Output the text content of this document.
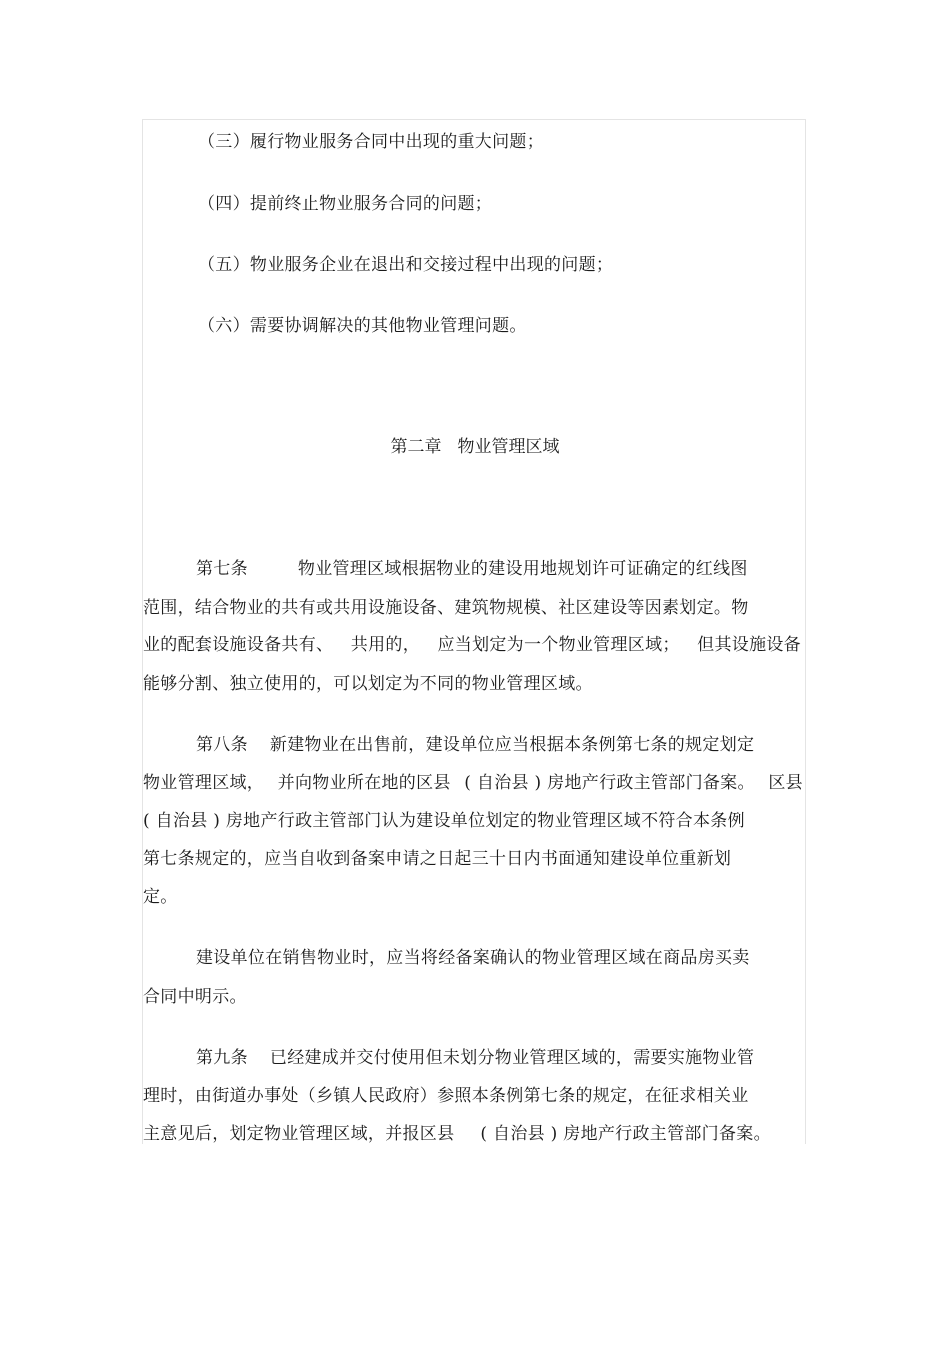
（三）履行物业服务合同中出现的重大问题；
（四）提前终止物业服务合同的问题；
（五）物业服务企业在退出和交接过程中出现的问题；
（六）需要协调解决的其他物业管理问题。
第二章 物业管理区域
第七条	物业管理区域根据物业的建设用地规划许可证确定的红线图
范围，结合物业的共有或共用设施设备、建筑物规模、社区建设等因素划定。物
业的配套设施设备共有、 共用的， 应当划定为一个物业管理区域； 但其设施设备
能够分割、独立使用的，可以划定为不同的物业管理区域。
第八条 新建物业在出售前，建设单位应当根据本条例第七条的规定划定
物业管理区域， 并向物业所在地的区县 ( 自治县 ) 房地产行政主管部门备案。 区县
( 自治县 ) 房地产行政主管部门认为建设单位划定的物业管理区域不符合本条例
第七条规定的，应当自收到备案申请之日起三十日内书面通知建设单位重新划
定。
建设单位在销售物业时，应当将经备案确认的物业管理区域在商品房买卖
合同中明示。
第九条 已经建成并交付使用但未划分物业管理区域的，需要实施物业管
理时，由街道办事处（乡镇人民政府）参照本条例第七条的规定，在征求相关业
主意见后，划定物业管理区域，并报区县 ( 自治县 ) 房地产行政主管部门备案。
